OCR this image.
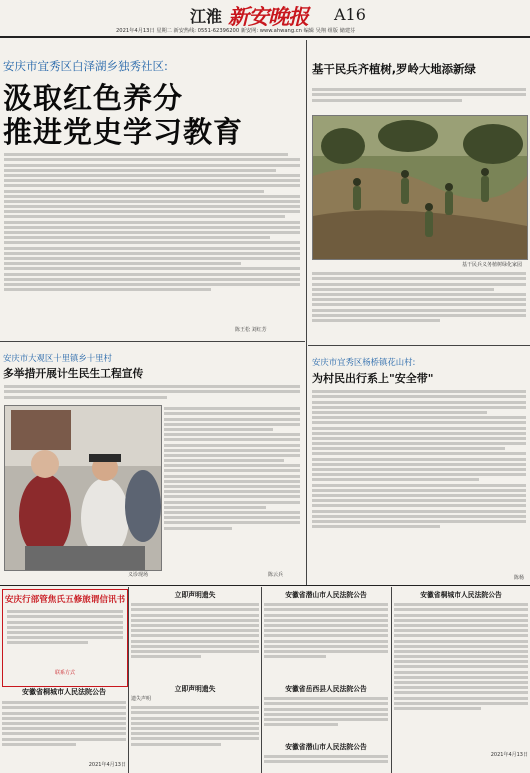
江淮 新安晚报 A16
2021年4月13日 星期二 新安热线: 0551-62396200 新安网: www.ahwang.cn 编辑 吴翔 组版 储建芬
安庆市宜秀区白泽湖乡独秀社区:
汲取红色养分
推进党史学习教育
陈王松 刘红芳
基干民兵齐植树,罗岭大地添新绿
基干民兵义务植树绿化家园
安庆市大观区十里镇乡十里村
多举措开展计生民生工程宣传
义诊现场	陈云兵
安庆市宜秀区杨桥镇花山村:
为村民出行系上"安全带"
陈杨
安庆行部管焦氏五修旅谓信讯书
联系方式
安徽省桐城市人民法院公告
2021年4月13日
立即声明遗失
立即声明遗失
遗失声明
安徽省潜山市人民法院公告
安徽省岳西县人民法院公告
安徽省潜山市人民法院公告
安徽省桐城市人民法院公告
2021年4月13日
